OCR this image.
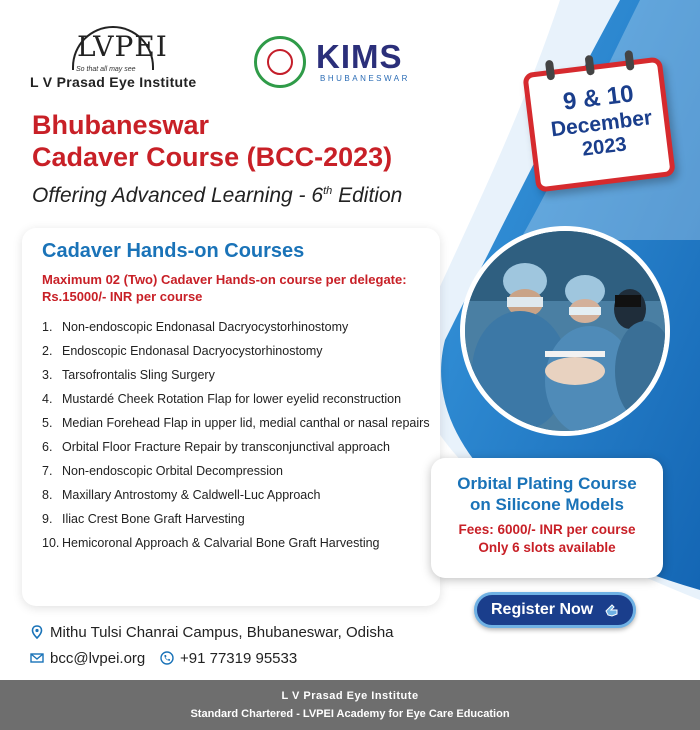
LVPEI
So that all may see
L V Prasad Eye Institute
KIMS
BHUBANESWAR
9 & 10
December
2023
Bhubaneswar
Cadaver Course (BCC-2023)
Offering Advanced Learning - 6th Edition
Cadaver Hands-on Courses
Maximum 02 (Two) Cadaver Hands-on course per delegate:
Rs.15000/- INR per course
1. Non-endoscopic Endonasal Dacryocystorhinostomy
2. Endoscopic Endonasal Dacryocystorhinostomy
3. Tarsofrontalis Sling Surgery
4. Mustardé Cheek Rotation Flap for lower eyelid reconstruction
5. Median Forehead Flap in upper lid, medial canthal or nasal repairs
6. Orbital Floor Fracture Repair by transconjunctival approach
7. Non-endoscopic Orbital Decompression
8. Maxillary Antrostomy & Caldwell-Luc Approach
9. Iliac Crest Bone Graft Harvesting
10. Hemicoronal Approach & Calvarial Bone Graft Harvesting
Orbital Plating Course
on Silicone Models
Fees: 6000/- INR per course
Only 6 slots available
Register Now
Mithu Tulsi Chanrai Campus, Bhubaneswar, Odisha
bcc@lvpei.org	+91 77319 95533
L V Prasad Eye Institute
Standard Chartered - LVPEI Academy for Eye Care Education
